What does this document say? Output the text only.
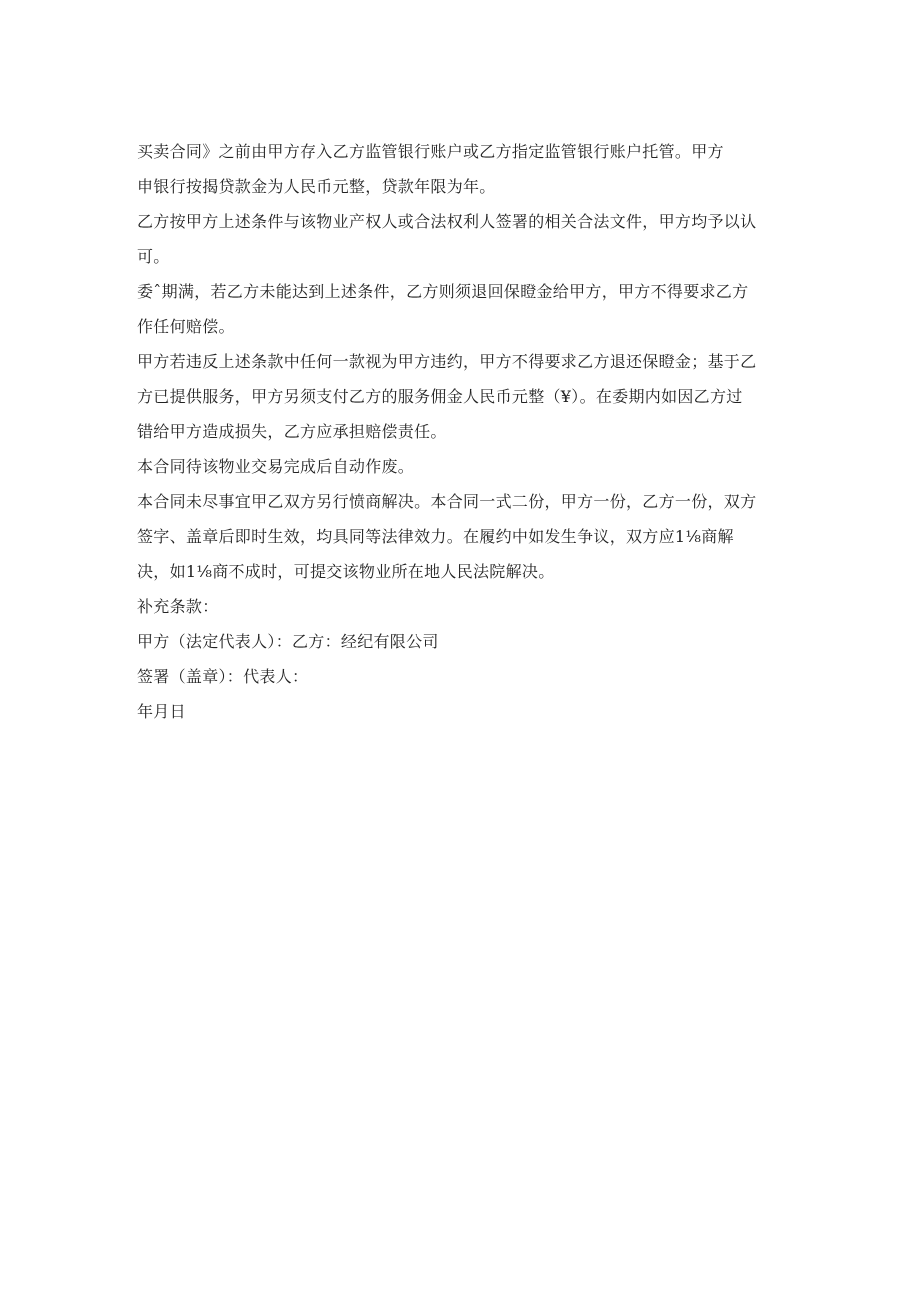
买卖合同》之前由甲方存入乙方监管银行账户或乙方指定监管银行账户托管。甲方
申银行按揭贷款金为人民币元整，贷款年限为年。
乙方按甲方上述条件与该物业产权人或合法权利人签署的相关合法文件，甲方均予以认
可。
委ˆ期满，若乙方未能达到上述条件，乙方则须退回保瞪金给甲方，甲方不得要求乙方
作任何赔偿。
甲方若违反上述条款中任何一款视为甲方违约，甲方不得要求乙方退还保瞪金；基于乙
方已提供服务，甲方另须支付乙方的服务佣金人民币元整（¥）。在委期内如因乙方过
错给甲方造成损失，乙方应承担赔偿责任。
本合同待该物业交易完成后自动作废。
本合同未尽事宜甲乙双方另行愤商解决。本合同一式二份，甲方一份，乙方一份，双方
签字、盖章后即时生效，均具同等法律效力。在履约中如发生争议，双方应1⅛商解
决，如1⅛商不成时，可提交该物业所在地人民法院解决。
补充条款：
甲方（法定代表人）：乙方：经纪有限公司
签署（盖章）：代表人：
年月日
